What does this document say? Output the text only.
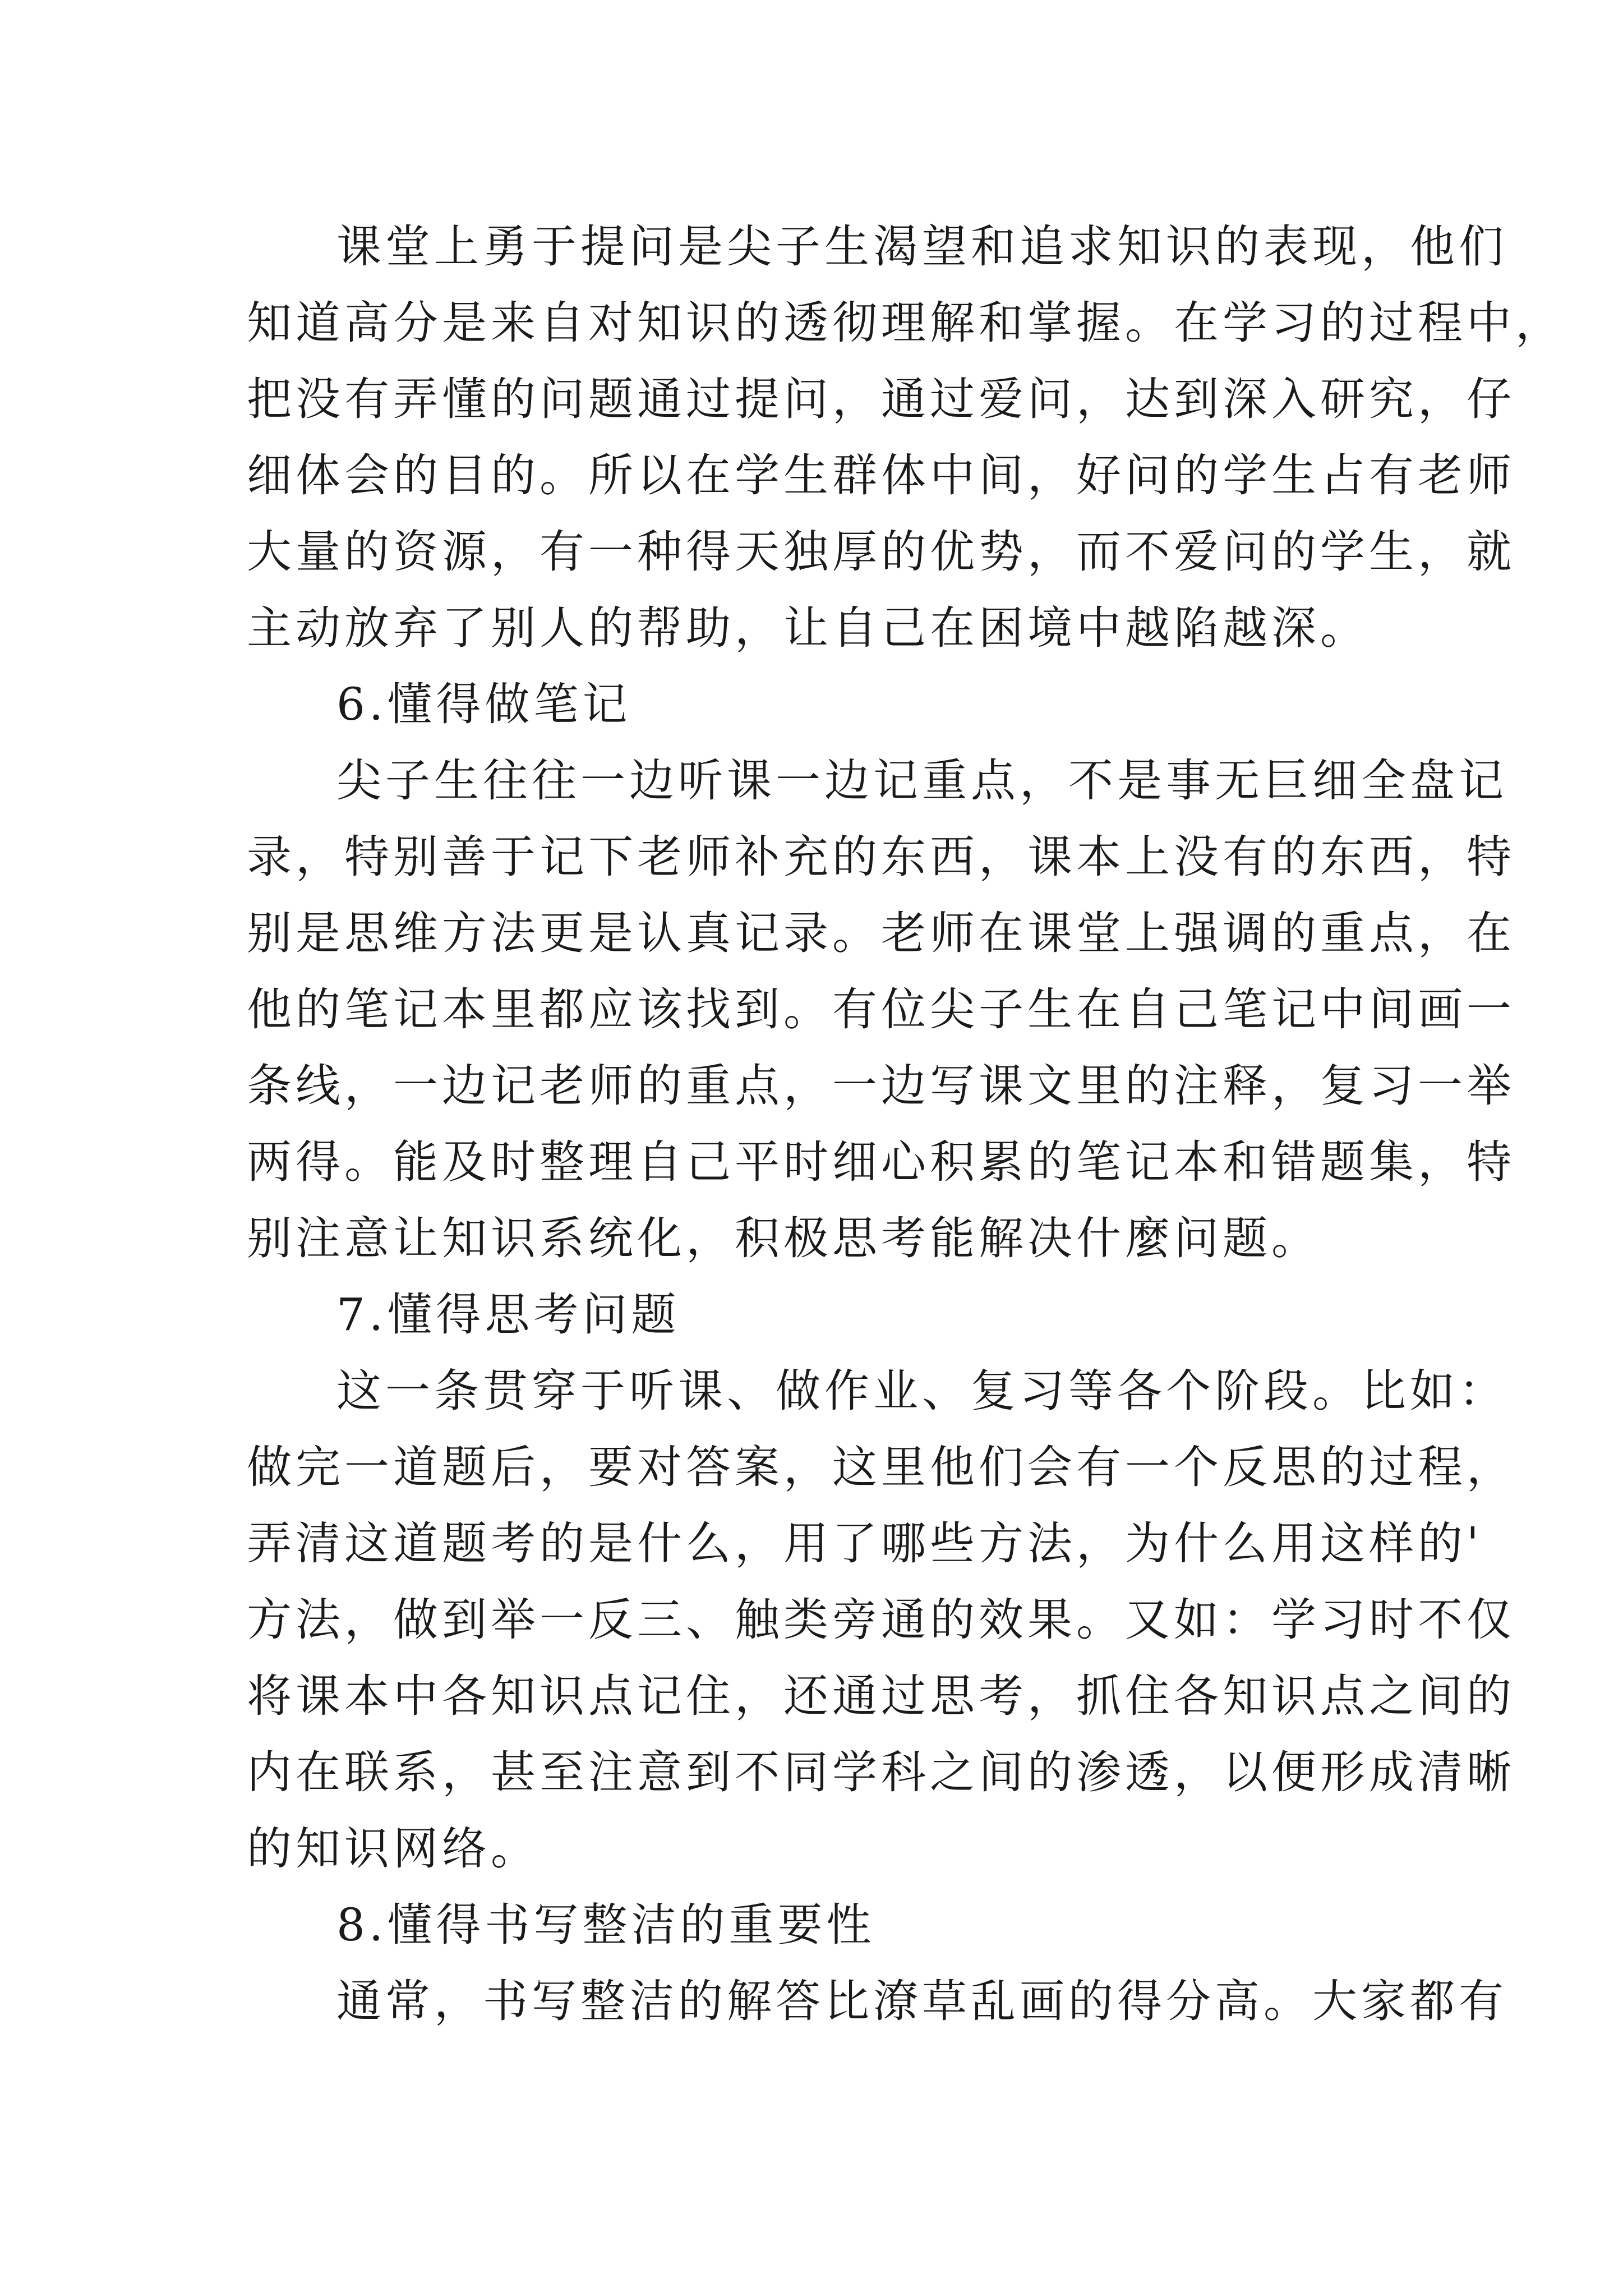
课堂上勇于提问是尖子生渴望和追求知识的表现，他们
知道高分是来自对知识的透彻理解和掌握。在学习的过程中，
把没有弄懂的问题通过提问，通过爱问，达到深入研究，仔
细体会的目的。所以在学生群体中间，好问的学生占有老师
大量的资源，有一种得天独厚的优势，而不爱问的学生，就
主动放弃了别人的帮助，让自己在困境中越陷越深。
6.懂得做笔记
尖子生往往一边听课一边记重点，不是事无巨细全盘记
录，特别善于记下老师补充的东西，课本上没有的东西，特
别是思维方法更是认真记录。老师在课堂上强调的重点，在
他的笔记本里都应该找到。有位尖子生在自己笔记中间画一
条线，一边记老师的重点，一边写课文里的注释，复习一举
两得。能及时整理自己平时细心积累的笔记本和错题集，特
别注意让知识系统化，积极思考能解决什麼问题。
7.懂得思考问题
这一条贯穿于听课、做作业、复习等各个阶段。比如：
做完一道题后，要对答案，这里他们会有一个反思的过程，
弄清这道题考的是什么，用了哪些方法，为什么用这样的'
方法，做到举一反三、触类旁通的效果。又如：学习时不仅
将课本中各知识点记住，还通过思考，抓住各知识点之间的
内在联系，甚至注意到不同学科之间的渗透，以便形成清晰
的知识网络。
8.懂得书写整洁的重要性
通常，书写整洁的解答比潦草乱画的得分高。大家都有
